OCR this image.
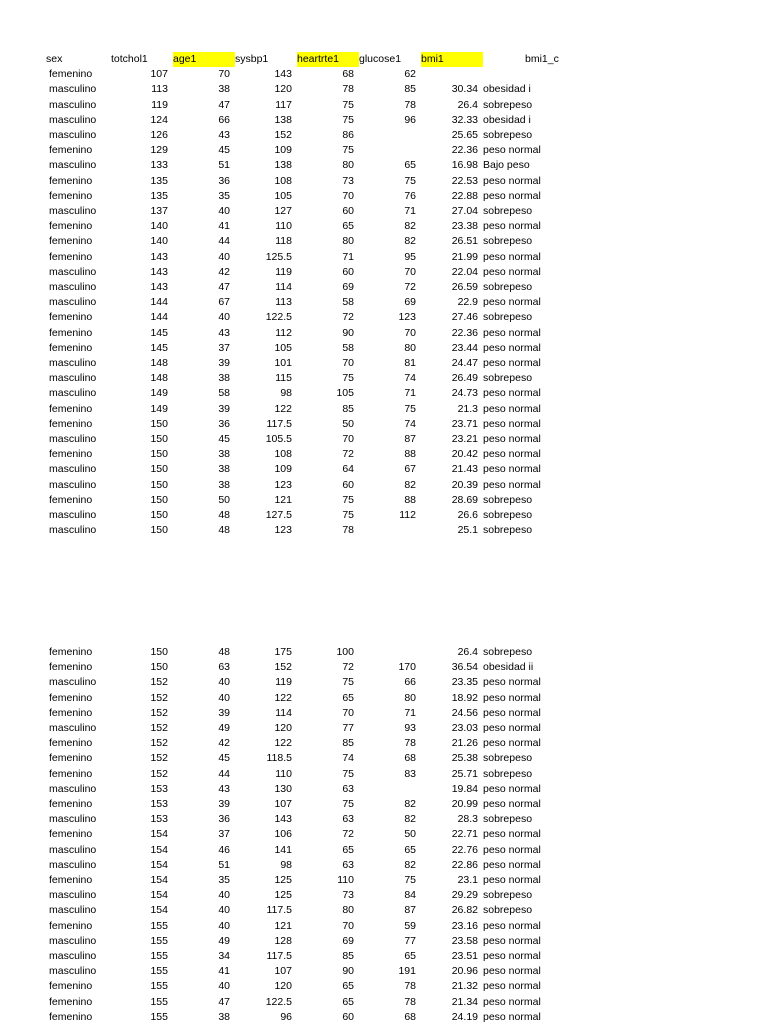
sex	totchol1	age1	sysbp1	heartrte1	glucose1	bmi1	bmi1_c
femenino	107	70	143	68	62		
masculino	113	38	120	78	85	30.34	obesidad i
masculino	119	47	117	75	78	26.4	sobrepeso
masculino	124	66	138	75	96	32.33	obesidad i
masculino	126	43	152	86		25.65	sobrepeso
femenino	129	45	109	75		22.36	peso normal
masculino	133	51	138	80	65	16.98	Bajo peso
femenino	135	36	108	73	75	22.53	peso normal
femenino	135	35	105	70	76	22.88	peso normal
masculino	137	40	127	60	71	27.04	sobrepeso
femenino	140	41	110	65	82	23.38	peso normal
femenino	140	44	118	80	82	26.51	sobrepeso
femenino	143	40	125.5	71	95	21.99	peso normal
masculino	143	42	119	60	70	22.04	peso normal
masculino	143	47	114	69	72	26.59	sobrepeso
masculino	144	67	113	58	69	22.9	peso normal
femenino	144	40	122.5	72	123	27.46	sobrepeso
femenino	145	43	112	90	70	22.36	peso normal
femenino	145	37	105	58	80	23.44	peso normal
masculino	148	39	101	70	81	24.47	peso normal
masculino	148	38	115	75	74	26.49	sobrepeso
masculino	149	58	98	105	71	24.73	peso normal
femenino	149	39	122	85	75	21.3	peso normal
femenino	150	36	117.5	50	74	23.71	peso normal
masculino	150	45	105.5	70	87	23.21	peso normal
femenino	150	38	108	72	88	20.42	peso normal
masculino	150	38	109	64	67	21.43	peso normal
masculino	150	38	123	60	82	20.39	peso normal
femenino	150	50	121	75	88	28.69	sobrepeso
masculino	150	48	127.5	75	112	26.6	sobrepeso
masculino	150	48	123	78		25.1	sobrepeso
femenino	150	48	175	100		26.4	sobrepeso
femenino	150	63	152	72	170	36.54	obesidad ii
masculino	152	40	119	75	66	23.35	peso normal
femenino	152	40	122	65	80	18.92	peso normal
femenino	152	39	114	70	71	24.56	peso normal
masculino	152	49	120	77	93	23.03	peso normal
femenino	152	42	122	85	78	21.26	peso normal
femenino	152	45	118.5	74	68	25.38	sobrepeso
femenino	152	44	110	75	83	25.71	sobrepeso
masculino	153	43	130	63		19.84	peso normal
femenino	153	39	107	75	82	20.99	peso normal
masculino	153	36	143	63	82	28.3	sobrepeso
femenino	154	37	106	72	50	22.71	peso normal
masculino	154	46	141	65	65	22.76	peso normal
masculino	154	51	98	63	82	22.86	peso normal
femenino	154	35	125	110	75	23.1	peso normal
masculino	154	40	125	73	84	29.29	sobrepeso
masculino	154	40	117.5	80	87	26.82	sobrepeso
femenino	155	40	121	70	59	23.16	peso normal
masculino	155	49	128	69	77	23.58	peso normal
masculino	155	34	117.5	85	65	23.51	peso normal
masculino	155	41	107	90	191	20.96	peso normal
femenino	155	40	120	65	78	21.32	peso normal
femenino	155	47	122.5	65	78	21.34	peso normal
femenino	155	38	96	60	68	24.19	peso normal
